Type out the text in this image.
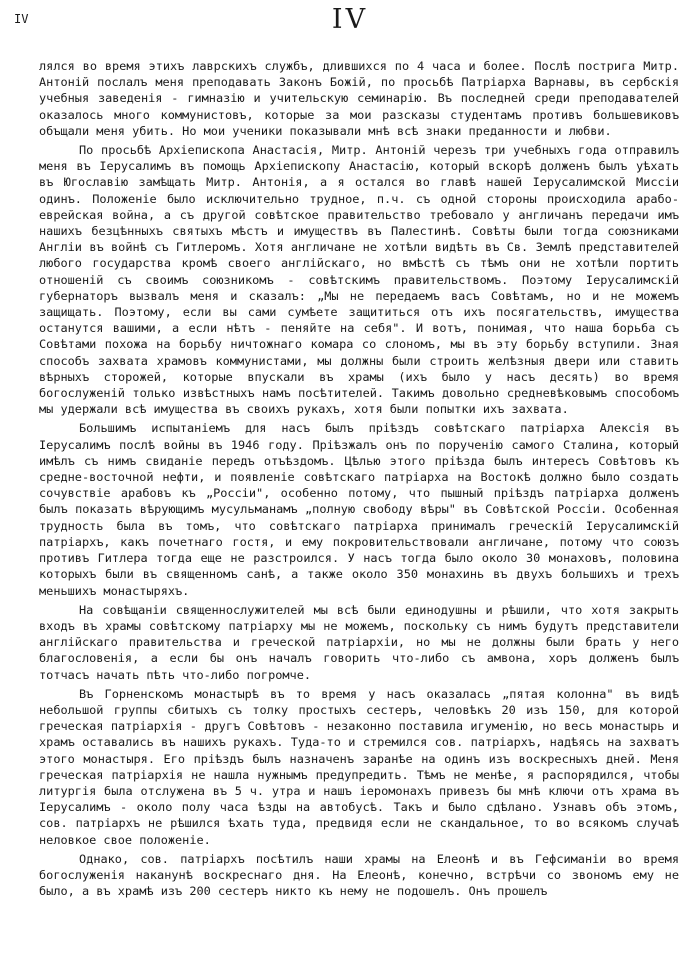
IV	IV

лялся во время этихъ лаврскихъ службъ, длившихся по 4 часа и более. Послѣ пострига Митр. Антоній послалъ меня преподавать Законъ Божій, по просьбѣ Патріарха Варнавы, въ сербскія учебныя заведенія - гимназію и учительскую семинарію. Въ последней среди преподавателей оказалось много коммунистовъ, которые за мои разсказы студентамъ противъ большевиковъ объщали меня убить. Но мои ученики показывали мнѣ всѣ знаки преданности и любви.

По просьбѣ Архіепископа Анастасія, Митр. Антоній черезъ три учебныхъ года отправилъ меня въ Іерусалимъ въ помощь Архіепископу Анастасію, который вскорѣ долженъ былъ уѣхать въ Югославію замѣщать Митр. Антонія, а я остался во главѣ нашей Іерусалимской Миссіи одинъ. Положеніе было исключительно трудное, п.ч. съ одной стороны происходила арабо-еврейская война, а съ другой совѣтское правительство требовало у англичанъ передачи имъ нашихъ безцѣнныхъ святыхъ мѣстъ и имуществъ въ Палестинѣ. Совѣты были тогда союзниками Англіи въ войнѣ съ Гитлеромъ. Хотя англичане не хотѣли видѣть въ Св. Землѣ представителей любого государства кромѣ своего англійскаго, но вмѣстѣ съ тѣмъ они не хотѣли портить отношеній съ своимъ союзникомъ - совѣтскимъ правительствомъ. Поэтому Іерусалимскій губернаторъ вызвалъ меня и сказалъ: „Мы не передаемъ васъ Совѣтамъ, но и не можемъ защищать. Поэтому, если вы сами сумѣете защититься отъ ихъ посягательствъ, имущества останутся вашими, а если нѣтъ - пеняйте на себя". И вотъ, понимая, что наша борьба съ Совѣтами похожа на борьбу ничтожнаго комара со слономъ, мы въ эту борьбу вступили. Зная способъ захвата храмовъ коммунистами, мы должны были строить желѣзныя двери или ставить вѣрныхъ сторожей, которые впускали въ храмы (ихъ было у насъ десять) во время богослуженій только извѣстныхъ намъ посѣтителей. Такимъ довольно средневѣковымъ способомъ мы удержали всѣ имущества въ своихъ рукахъ, хотя были попытки ихъ захвата.

Большимъ испытаніемъ для насъ былъ пріѣздъ совѣтскаго патріарха Алексія въ Іерусалимъ послѣ войны въ 1946 году. Пріѣзжалъ онъ по порученію самого Сталина, который имѣлъ съ нимъ свиданіе передъ отъѣздомъ. Цѣлью этого пріѣзда былъ интересъ Совѣтовъ къ средне-восточной нефти, и появленіе совѣтскаго патріарха на Востокѣ должно было создать сочувствіе арабовъ къ „Россіи", особенно потому, что пышный пріѣздъ патріарха долженъ былъ показать вѣрующимъ мусульманамъ „полную свободу вѣры" въ Совѣтской Россіи. Особенная трудность была въ томъ, что совѣтскаго патріарха принималъ греческій Іерусалимскій патріархъ, какъ почетнаго гостя, и ему покровительствовали англичане, потому что союзъ противъ Гитлера тогда еще не разстроился. У насъ тогда было около 30 монаховъ, половина которыхъ были въ священномъ санѣ, а также около 350 монахинь въ двухъ большихъ и трехъ меньшихъ монастыряхъ.

На совѣщаніи священнослужителей мы всѣ были единодушны и рѣшили, что хотя закрыть входъ въ храмы совѣтскому патріарху мы не можемъ, поскольку съ нимъ будутъ представители англійскаго правительства и греческой патріархіи, но мы не должны были брать у него благословенія, а если бы онъ началъ говорить что-либо съ амвона, хоръ долженъ былъ тотчасъ начать пѣть что-либо погромче.

Въ Горненскомъ монастырѣ въ то время у насъ оказалась „пятая колонна" въ видѣ небольшой группы сбитыхъ съ толку простыхъ сестеръ, человѣкъ 20 изъ 150, для которой греческая патріархія - другъ Совѣтовъ - незаконно поставила игуменію, но весь монастырь и храмъ оставались въ нашихъ рукахъ. Туда-то и стремился сов. патріархъ, надѣясь на захватъ этого монастыря. Его пріѣздъ былъ назначенъ заранѣе на одинъ изъ воскресныхъ дней. Меня греческая патріархія не нашла нужнымъ предупредить. Тѣмъ не менѣе, я распорядился, чтобы литургія была отслужена въ 5 ч. утра и нашъ іеромонахъ привезъ бы мнѣ ключи отъ храма въ Іерусалимъ - около полу часа ѣзды на автобусѣ. Такъ и было сдѣлано. Узнавъ объ этомъ, сов. патріархъ не рѣшился ѣхать туда, предвидя если не скандальное, то во всякомъ случаѣ неловкое свое положеніе.

Однако, сов. патріархъ посѣтилъ наши храмы на Елеонѣ и въ Гефсиманіи во время богослуженія наканунѣ воскреснаго дня. На Елеонѣ, конечно, встрѣчи со звономъ ему не было, а въ храмѣ изъ 200 сестеръ никто къ нему не подошелъ. Онъ прошелъ
